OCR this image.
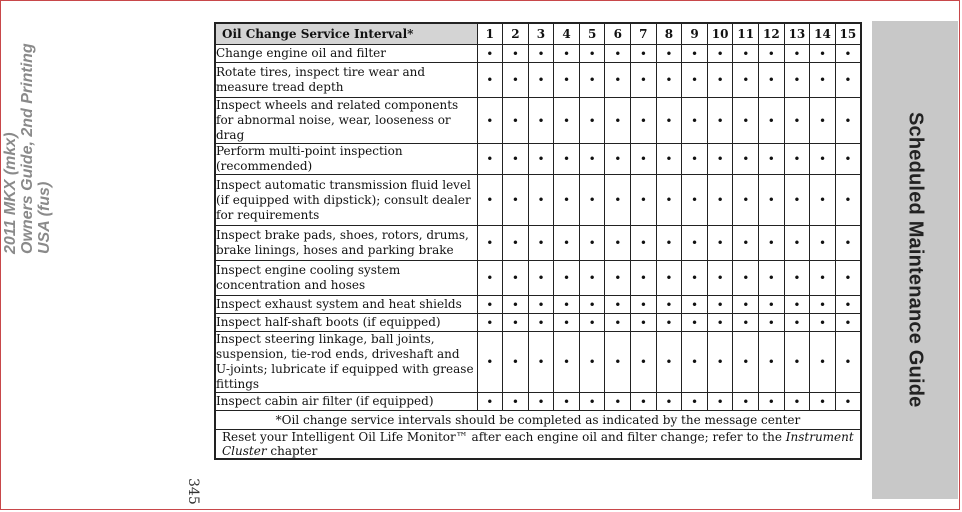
2011 MKX (mkx) Owners Guide, 2nd Printing USA (fus)
345
Scheduled Maintenance Guide
Oil Change Service Interval*	1	2	3	4	5	6	7	8	9	10	11	12	13	14	15
Change engine oil and filter	•	•	•	•	•	•	•	•	•	•	•	•	•	•	•
Rotate tires, inspect tire wear and measure tread depth	•	•	•	•	•	•	•	•	•	•	•	•	•	•	•
Inspect wheels and related components for abnormal noise, wear, looseness or drag	•	•	•	•	•	•	•	•	•	•	•	•	•	•	•
Perform multi-point inspection (recommended)	•	•	•	•	•	•	•	•	•	•	•	•	•	•	•
Inspect automatic transmission fluid level (if equipped with dipstick); consult dealer for requirements	•	•	•	•	•	•	•	•	•	•	•	•	•	•	•
Inspect brake pads, shoes, rotors, drums, brake linings, hoses and parking brake	•	•	•	•	•	•	•	•	•	•	•	•	•	•	•
Inspect engine cooling system concentration and hoses	•	•	•	•	•	•	•	•	•	•	•	•	•	•	•
Inspect exhaust system and heat shields	•	•	•	•	•	•	•	•	•	•	•	•	•	•	•
Inspect half-shaft boots (if equipped)	•	•	•	•	•	•	•	•	•	•	•	•	•	•	•
Inspect steering linkage, ball joints, suspension, tie-rod ends, driveshaft and U-joints; lubricate if equipped with grease fittings	•	•	•	•	•	•	•	•	•	•	•	•	•	•	•
Inspect cabin air filter (if equipped)	•	•	•	•	•	•	•	•	•	•	•	•	•	•	•
*Oil change service intervals should be completed as indicated by the message center															
Reset your Intelligent Oil Life Monitor™ after each engine oil and filter change; refer to the Instrument Cluster chapter															
